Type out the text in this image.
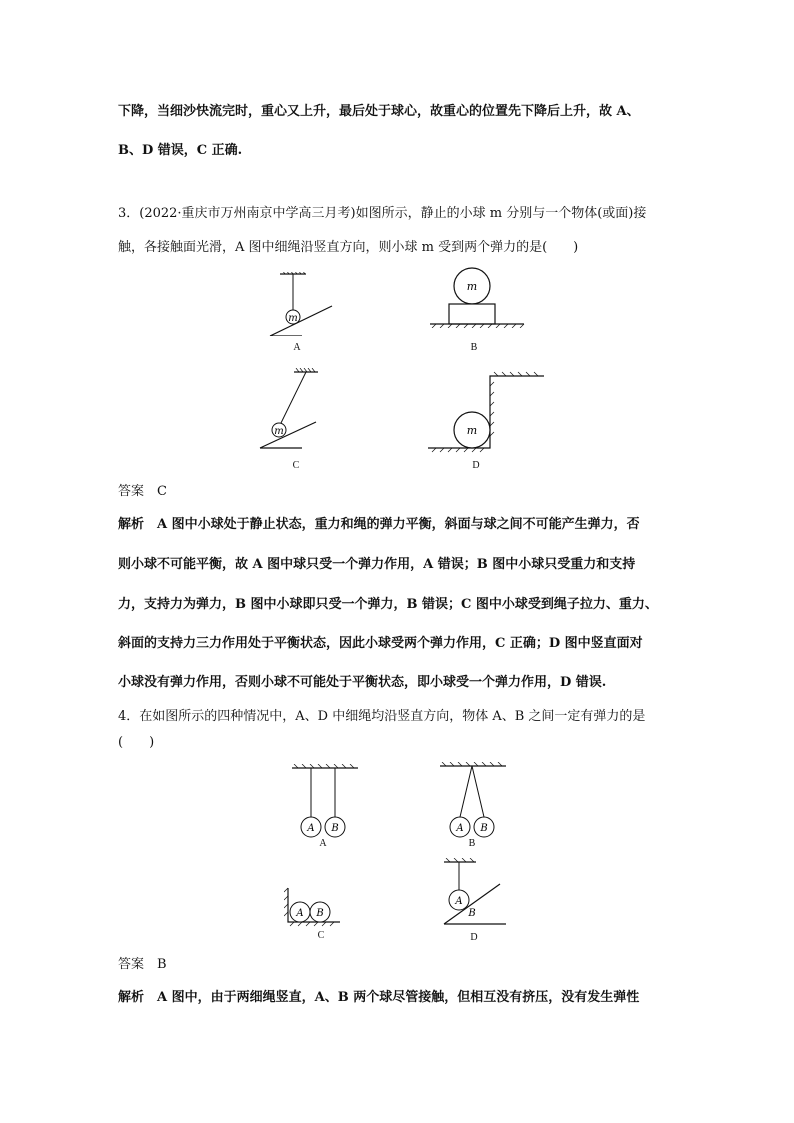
下降，当细沙快流完时，重心又上升，最后处于球心，故重心的位置先下降后上升，故 A、
B、D 错误，C 正确.
3．(2022·重庆市万州南京中学高三月考)如图所示，静止的小球 m 分别与一个物体(或面)接
触，各接触面光滑，A 图中细绳沿竖直方向，则小球 m 受到两个弹力的是(　　)
m
A
m
B
m
C
m
D
答案　C
解析　A 图中小球处于静止状态，重力和绳的弹力平衡，斜面与球之间不可能产生弹力，否
则小球不可能平衡，故 A 图中球只受一个弹力作用，A 错误；B 图中小球只受重力和支持
力，支持力为弹力，B 图中小球即只受一个弹力，B 错误；C 图中小球受到绳子拉力、重力、
斜面的支持力三力作用处于平衡状态，因此小球受两个弹力作用，C 正确；D 图中竖直面对
小球没有弹力作用，否则小球不可能处于平衡状态，即小球受一个弹力作用，D 错误.
4．在如图所示的四种情况中，A、D 中细绳均沿竖直方向，物体 A、B 之间一定有弹力的是
(　　)
A B
A
A B
B
A B
C
A
B
D
答案　B
解析　A 图中，由于两细绳竖直，A、B 两个球尽管接触，但相互没有挤压，没有发生弹性
